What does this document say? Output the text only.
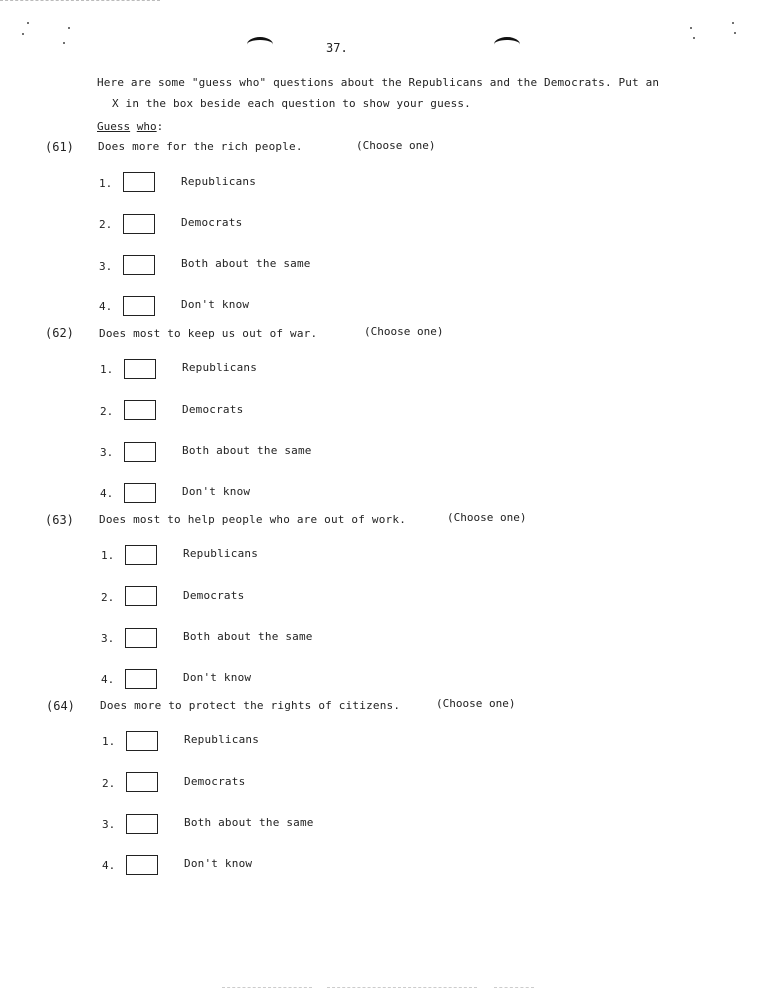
37.
Here are some "guess who" questions about the Republicans and the Democrats. Put an
X in the box beside each question to show your guess.
Guess who:
(61) Does more for the rich people.	(Choose one)
1.	Republicans
2.	Democrats
3.	Both about the same
4.	Don't know
(62) Does most to keep us out of war.	(Choose one)
1.	Republicans
2.	Democrats
3.	Both about the same
4.	Don't know
(63) Does most to help people who are out of work.	(Choose one)
1.	Republicans
2.	Democrats
3.	Both about the same
4.	Don't know
(64) Does more to protect the rights of citizens.	(Choose one)
1.	Republicans
2.	Democrats
3.	Both about the same
4.	Don't know
